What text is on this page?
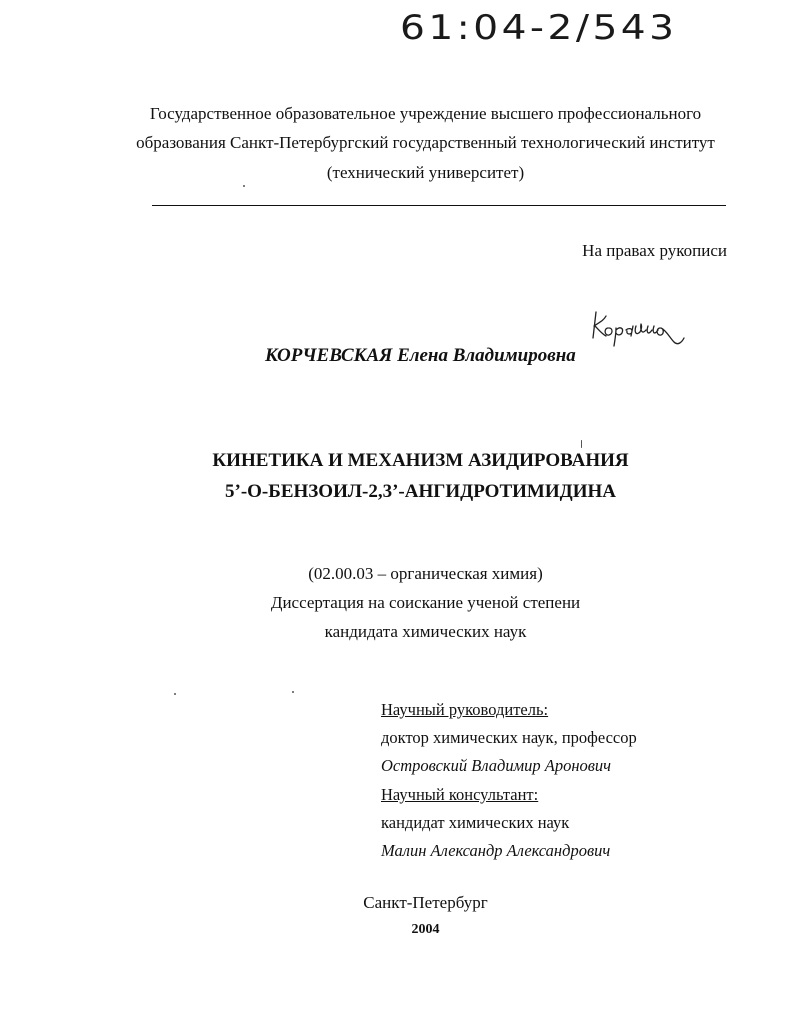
61:04-2/543
Государственное образовательное учреждение высшего профессионального
образования Санкт-Петербургский государственный технологический институт
(технический университет)
На правах рукописи
КОРЧЕВСКАЯ Елена Владимировна
КИНЕТИКА И МЕХАНИЗМ АЗИДИРОВАНИЯ
5’-О-БЕНЗОИЛ-2,3’-АНГИДРОТИМИДИНА
(02.00.03 – органическая химия)
Диссертация на соискание ученой степени
кандидата химических наук
Научный руководитель:
доктор химических наук, профессор
Островский Владимир Аронович
Научный консультант:
кандидат химических наук
Малин Александр Александрович
Санкт-Петербург
2004
